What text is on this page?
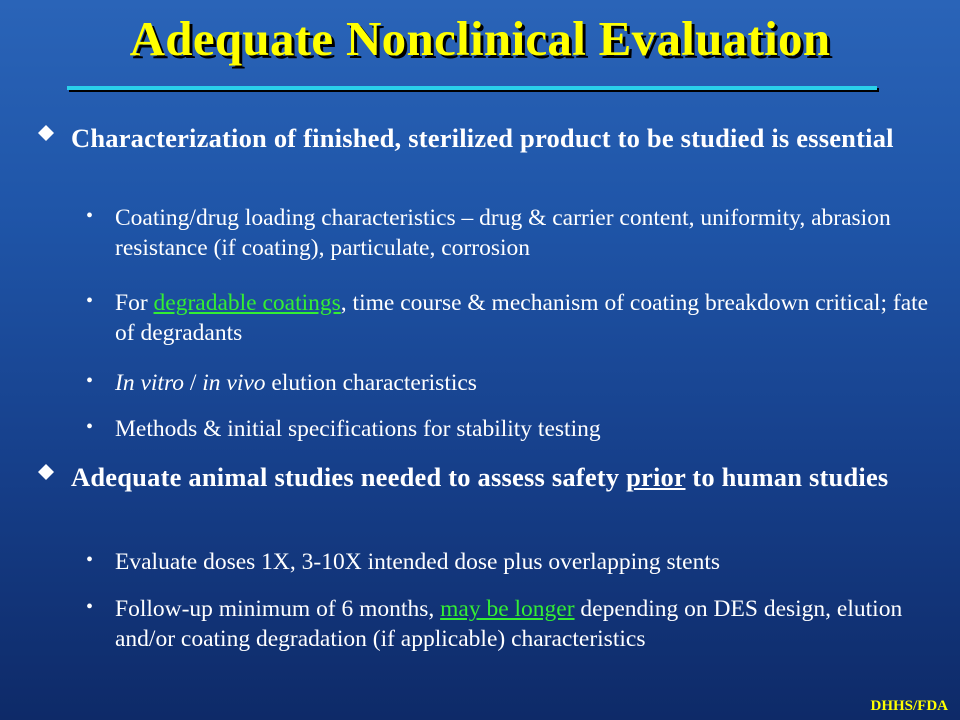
Adequate Nonclinical Evaluation
Characterization of finished, sterilized product to be studied is essential
• Coating/drug loading characteristics – drug & carrier content, uniformity, abrasion resistance (if coating), particulate, corrosion
• For degradable coatings, time course & mechanism of coating breakdown critical; fate of degradants
• In vitro / in vivo elution characteristics
• Methods & initial specifications for stability testing
Adequate animal studies needed to assess safety prior to human studies
• Evaluate doses 1X, 3-10X intended dose plus overlapping stents
• Follow-up minimum of 6 months, may be longer depending on DES design, elution and/or coating degradation (if applicable) characteristics
DHHS/FDA
